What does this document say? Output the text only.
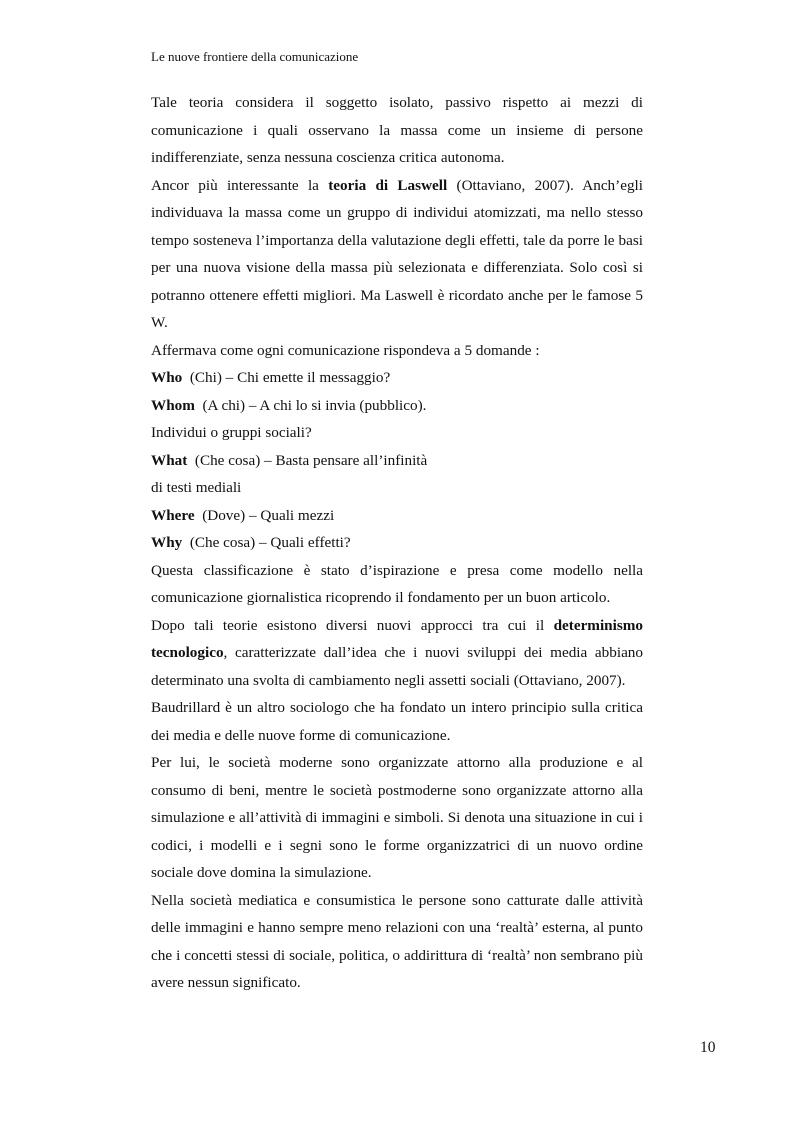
Le nuove frontiere della comunicazione

Tale teoria considera il soggetto isolato, passivo rispetto ai mezzi di comunicazione i quali osservano la massa come un insieme di persone indifferenziate, senza nessuna coscienza critica autonoma.

Ancor più interessante la teoria di Laswell (Ottaviano, 2007). Anch’egli individuava la massa come un gruppo di individui atomizzati, ma nello stesso tempo sosteneva l’importanza della valutazione degli effetti, tale da porre le basi per una nuova visione della massa più selezionata e differenziata. Solo così si potranno ottenere effetti migliori. Ma Laswell è ricordato anche per le famose 5 W.

Affermava come ogni comunicazione rispondeva a 5 domande :

Who  (Chi) – Chi emette il messaggio?

Whom  (A chi) – A chi lo si invia (pubblico).

Individui o gruppi sociali?

What  (Che cosa) – Basta pensare all’infinità

di testi mediali

Where  (Dove) – Quali mezzi

Why  (Che cosa) – Quali effetti?

Questa classificazione è stato d’ispirazione e presa come modello nella comunicazione giornalistica ricoprendo il fondamento per un buon articolo.

Dopo tali teorie esistono diversi nuovi approcci tra cui il determinismo tecnologico, caratterizzate dall’idea che i nuovi sviluppi dei media abbiano determinato una svolta di cambiamento negli assetti sociali (Ottaviano, 2007).

Baudrillard è un altro sociologo che ha fondato un intero principio sulla critica dei media e delle nuove forme di comunicazione.

Per lui, le società moderne sono organizzate attorno alla produzione e al consumo di beni, mentre le società postmoderne sono organizzate attorno alla simulazione e all’attività di immagini e simboli. Si denota una situazione in cui i codici, i modelli e i segni sono le forme organizzatrici di un nuovo ordine sociale dove domina la simulazione.

Nella società mediatica e consumistica le persone sono catturate dalle attività delle immagini e hanno sempre meno relazioni con una ‘realtà’ esterna, al punto che i concetti stessi di sociale, politica, o addirittura di ‘realtà’ non sembrano più avere nessun significato.

10
